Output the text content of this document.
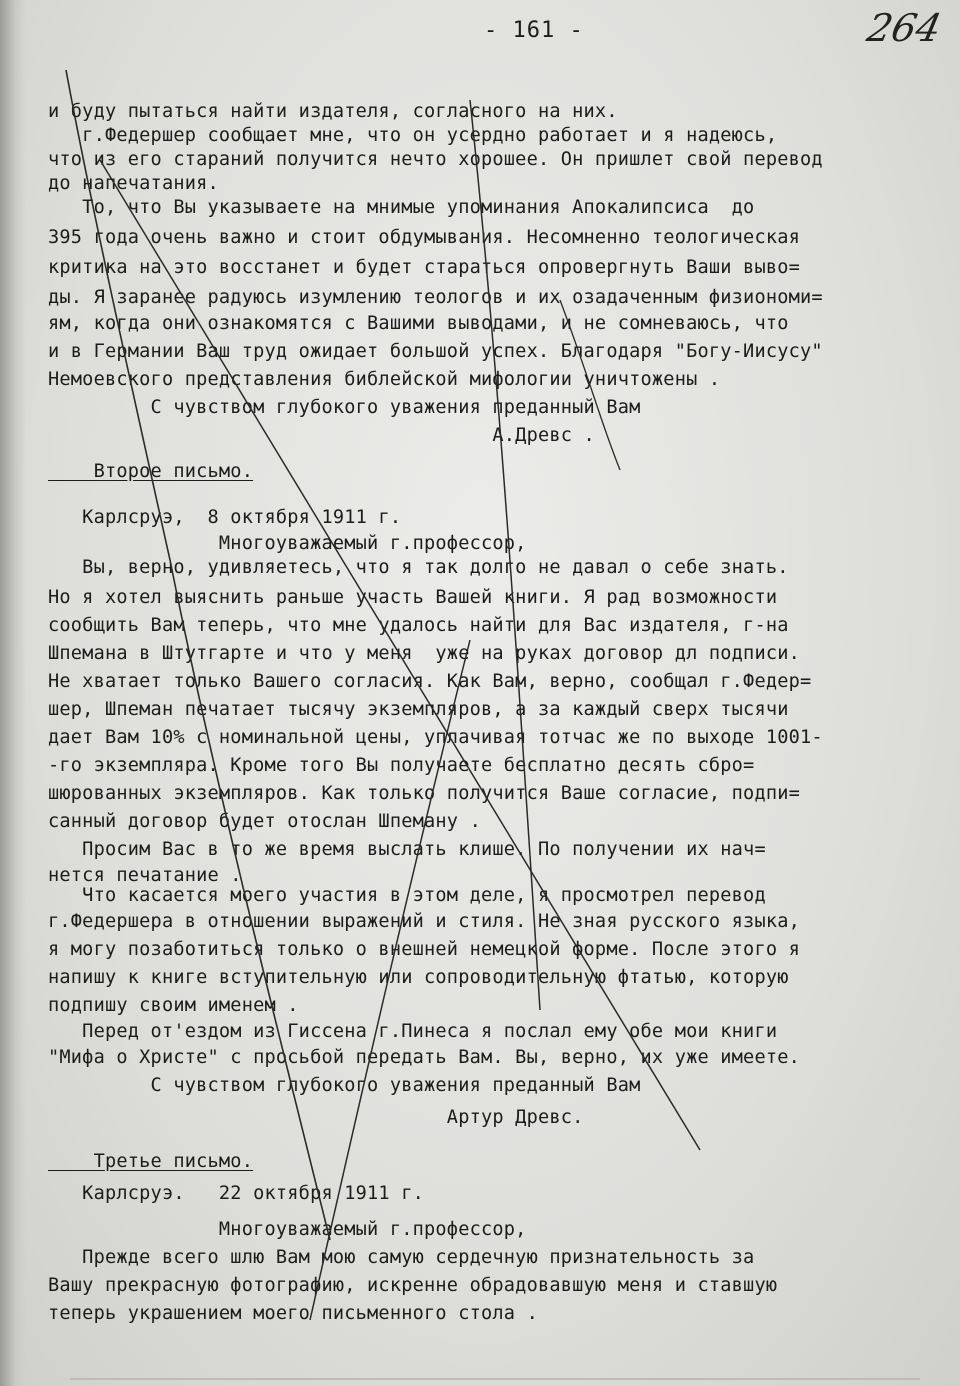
- 161 -	264
и буду пытаться найти издателя, согласного на них.
г.Федершер сообщает мне, что он усердно работает и я надеюсь,
что из его стараний получится нечто хорошее. Он пришлет свой перевод
до напечатания.
То, что Вы указываете на мнимые упоминания Апокалипсиса  до
395 года очень важно и стоит обдумывания. Несомненно теологическая
критика на это восстанет и будет стараться опровергнуть Ваши выво=
ды. Я заранее радуюсь изумлению теологов и их озадаченным физиономи=
ям, когда они ознакомятся с Вашими выводами, и не сомневаюсь, что
и в Германии Ваш труд ожидает большой успех. Благодаря "Богу-Иисусу"
Немоевского представления библейской мифологии уничтожены .
С чувством глубокого уважения преданный Вам
А.Древс .
Второе письмо.
Карлсруэ,  8 октября 1911 г.
Многоуважаемый г.профессор,
Вы, верно, удивляетесь, что я так долго не давал о себе знать.
Но я хотел выяснить раньше участь Вашей книги. Я рад возможности
сообщить Вам теперь, что мне удалось найти для Вас издателя, г-на
Шпемана в Штутгарте и что у меня  уже на руках договор дл подписи.
Не хватает только Вашего согласия. Как Вам, верно, сообщал г.Федер=
шер, Шпеман печатает тысячу экземпляров, а за каждый сверх тысячи
дает Вам 10% с номинальной цены, уплачивая тотчас же по выходе 1001-
-го экземпляра. Кроме того Вы получаете бесплатно десять сбро=
шюрованных экземпляров. Как только получится Ваше согласие, подпи=
санный договор будет отослан Шпеману .
Просим Вас в то же время выслать клише. По получении их нач=
нется печатание .
Что касается моего участия в этом деле, я просмотрел перевод
г.Федершера в отношении выражений и стиля. Не зная русского языка,
я могу позаботиться только о внешней немецкой форме. После этого я
напишу к книге вступительную или сопроводительную фтатью, которую
подпишу своим именем .
Перед от'ездом из Гиссена г.Пинеса я послал ему обе мои книги
"Мифа о Христе" с просьбой передать Вам. Вы, верно, их уже имеете.
С чувством глубокого уважения преданный Вам
Артур Древс.
Третье письмо.
Карлсруэ.   22 октября 1911 г.
Многоуважаемый г.профессор,
Прежде всего шлю Вам мою самую сердечную признательность за
Вашу прекрасную фотографию, искренне обрадовавшую меня и ставшую
теперь украшением моего письменного стола .
